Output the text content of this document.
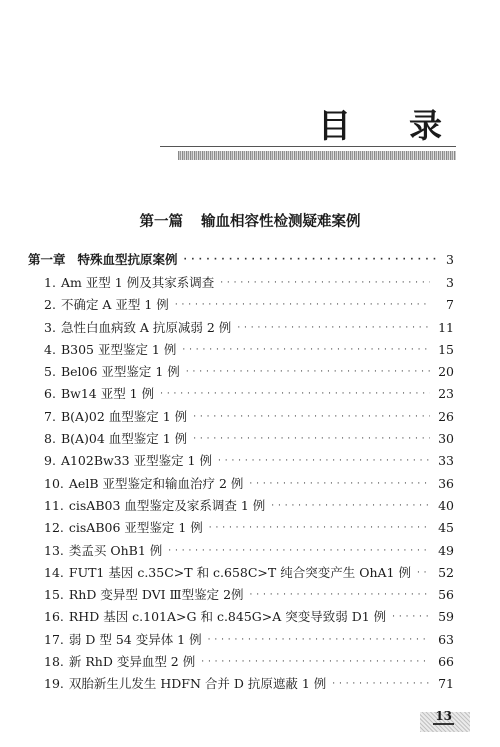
目 录
第一篇 输血相容性检测疑难案例
第一章 特殊血型抗原案例 · · ·	3
1. Am 亚型 1 例及其家系调查 · · ·	3
2. 不确定 A 亚型 1 例 · · ·	7
3. 急性白血病致 A 抗原减弱 2 例 · · ·	11
4. B305 亚型鉴定 1 例 · · ·	15
5. Bel06 亚型鉴定 1 例 · · ·	20
6. Bw14 亚型 1 例 · · ·	23
7. B(A)02 血型鉴定 1 例 · · ·	26
8. B(A)04 血型鉴定 1 例 · · ·	30
9. A102Bw33 亚型鉴定 1 例 · · ·	33
10. AelB 亚型鉴定和输血治疗 2 例 · · ·	36
11. cisAB03 血型鉴定及家系调查 1 例 · · ·	40
12. cisAB06 亚型鉴定 1 例 · · ·	45
13. 类孟买 OhB1 例 · · ·	49
14. FUT1 基因 c.35C>T 和 c.658C>T 纯合突变产生 OhA1 例 · · · 52
15. RhD 变异型 DVI Ⅲ型鉴定 2例 · · ·	56
16. RHD 基因 c.101A>G 和 c.845G>A 突变导致弱 D1 例 · · ·	59
17. 弱 D 型 54 变异体 1 例 · · ·	63
18. 新 RhD 变异血型 2 例 · · ·	66
19. 双胎新生儿发生 HDFN 合并 D 抗原遮蔽 1 例 · · ·	71
13
